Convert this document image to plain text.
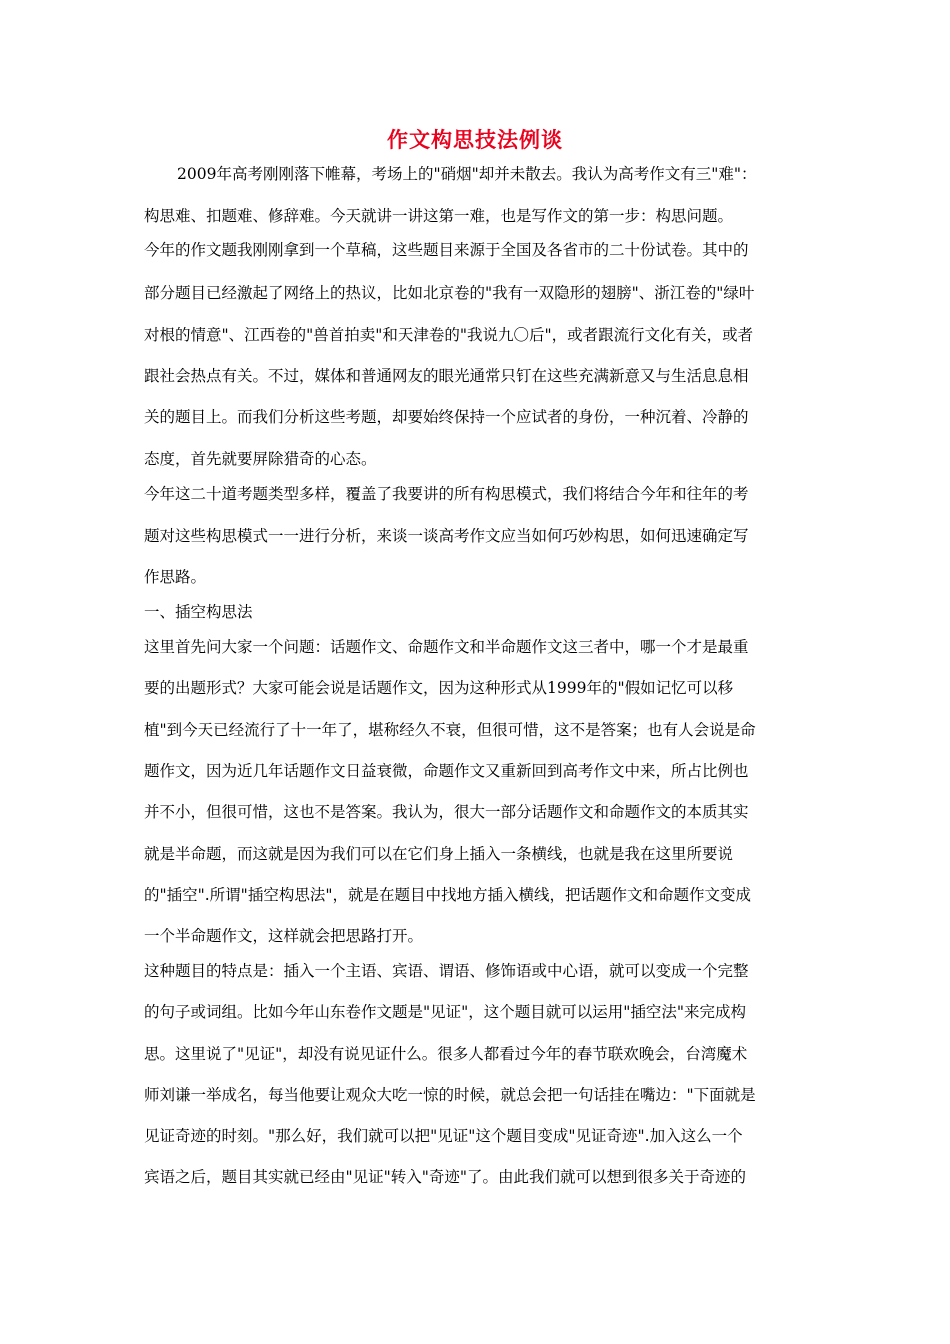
作文构思技法例谈
2009年高考刚刚落下帷幕，考场上的"硝烟"却并未散去。我认为高考作文有三"难"：
构思难、扣题难、修辞难。今天就讲一讲这第一难，也是写作文的第一步：构思问题。
今年的作文题我刚刚拿到一个草稿，这些题目来源于全国及各省市的二十份试卷。其中的
部分题目已经激起了网络上的热议，比如北京卷的"我有一双隐形的翅膀"、浙江卷的"绿叶
对根的情意"、江西卷的"兽首拍卖"和天津卷的"我说九〇后"，或者跟流行文化有关，或者
跟社会热点有关。不过，媒体和普通网友的眼光通常只钉在这些充满新意又与生活息息相
关的题目上。而我们分析这些考题，却要始终保持一个应试者的身份，一种沉着、冷静的
态度，首先就要屏除猎奇的心态。
今年这二十道考题类型多样，覆盖了我要讲的所有构思模式，我们将结合今年和往年的考
题对这些构思模式一一进行分析，来谈一谈高考作文应当如何巧妙构思，如何迅速确定写
作思路。
一、插空构思法
这里首先问大家一个问题：话题作文、命题作文和半命题作文这三者中，哪一个才是最重
要的出题形式？大家可能会说是话题作文，因为这种形式从1999年的"假如记忆可以移
植"到今天已经流行了十一年了，堪称经久不衰，但很可惜，这不是答案；也有人会说是命
题作文，因为近几年话题作文日益衰微，命题作文又重新回到高考作文中来，所占比例也
并不小，但很可惜，这也不是答案。我认为，很大一部分话题作文和命题作文的本质其实
就是半命题，而这就是因为我们可以在它们身上插入一条横线，也就是我在这里所要说
的"插空".所谓"插空构思法"，就是在题目中找地方插入横线，把话题作文和命题作文变成
一个半命题作文，这样就会把思路打开。
这种题目的特点是：插入一个主语、宾语、谓语、修饰语或中心语，就可以变成一个完整
的句子或词组。比如今年山东卷作文题是"见证"，这个题目就可以运用"插空法"来完成构
思。这里说了"见证"，却没有说见证什么。很多人都看过今年的春节联欢晚会，台湾魔术
师刘谦一举成名，每当他要让观众大吃一惊的时候，就总会把一句话挂在嘴边："下面就是
见证奇迹的时刻。"那么好，我们就可以把"见证"这个题目变成"见证奇迹".加入这么一个
宾语之后，题目其实就已经由"见证"转入"奇迹"了。由此我们就可以想到很多关于奇迹的
